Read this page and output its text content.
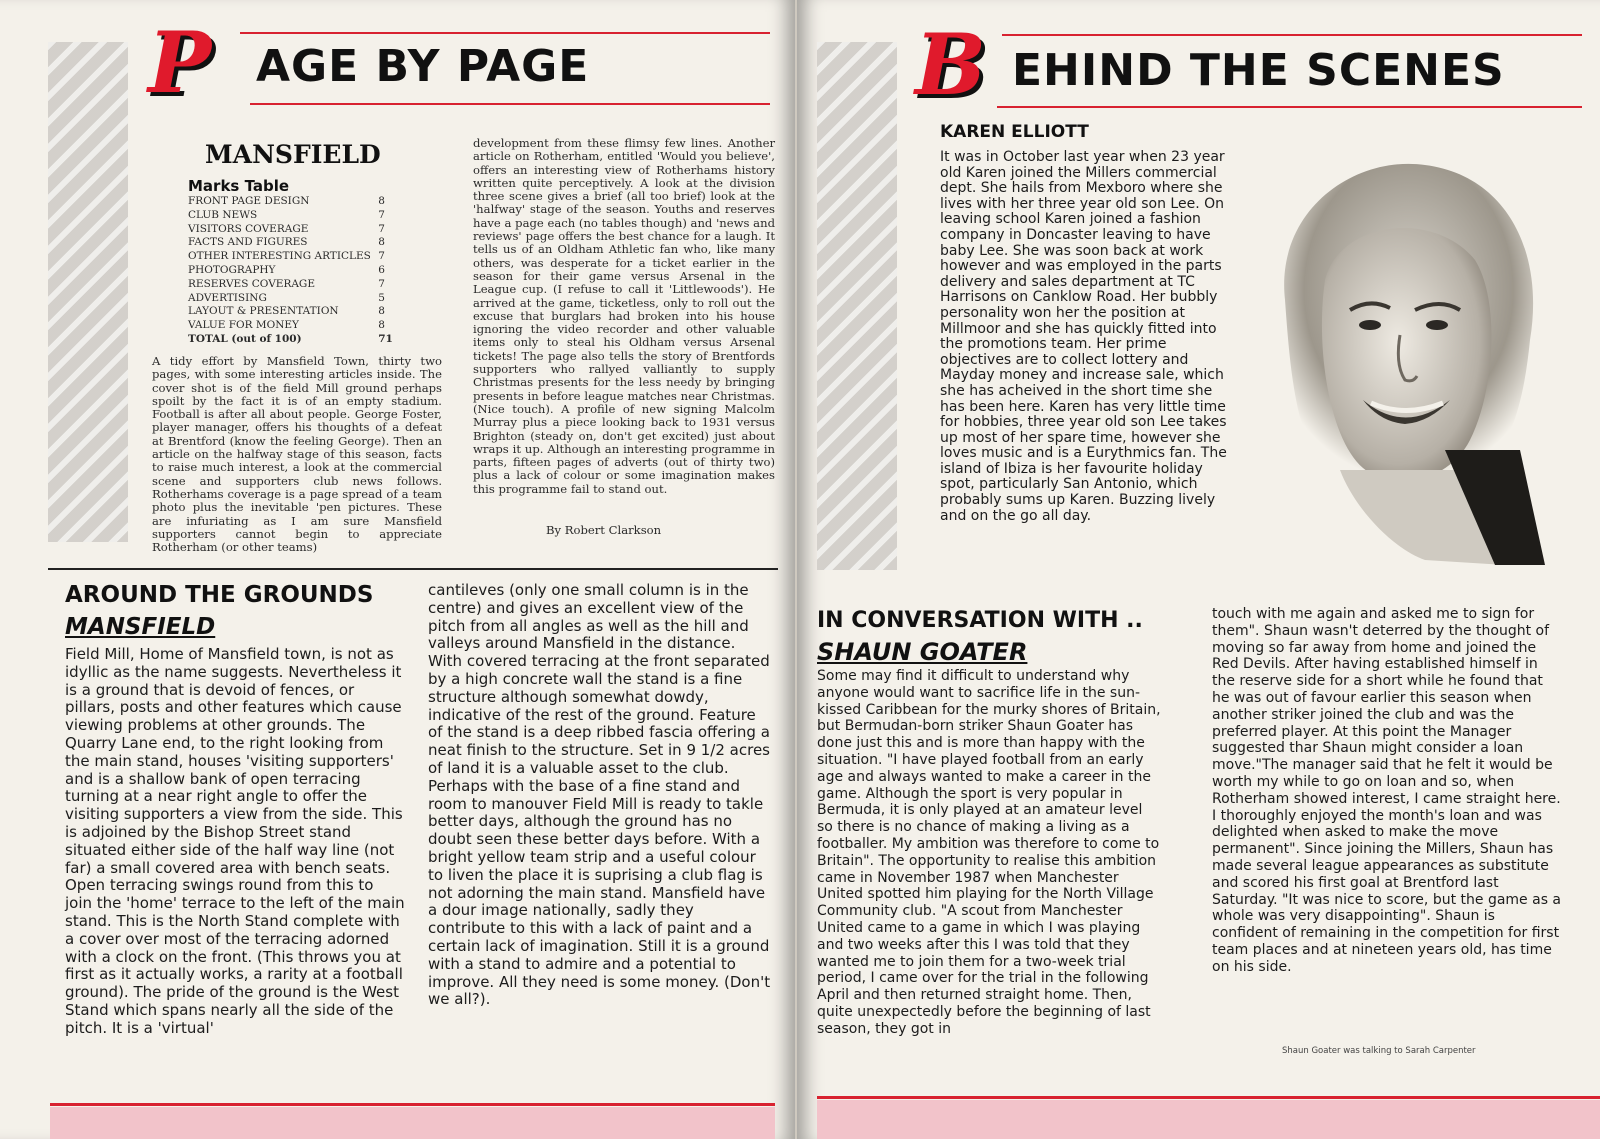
P AGE BY PAGE
MANSFIELD
Marks Table
FRONT PAGE DESIGN	8
CLUB NEWS	7
VISITORS COVERAGE	7
FACTS AND FIGURES	8
OTHER INTERESTING ARTICLES	7
PHOTOGRAPHY	6
RESERVES COVERAGE	7
ADVERTISING	5
LAYOUT & PRESENTATION	8
VALUE FOR MONEY	8
TOTAL (out of 100)	71

A tidy effort by Mansfield Town, thirty two pages, with some interesting articles inside. The cover shot is of the field Mill ground perhaps spoilt by the fact it is of an empty stadium. Football is after all about people. George Foster, player manager, offers his thoughts of a defeat at Brentford (know the feeling George). Then an article on the halfway stage of this season, facts to raise much interest, a look at the commercial scene and supporters club news follows. Rotherhams coverage is a page spread of a team photo plus the inevitable 'pen pictures. These are infuriating as I am sure Mansfield supporters cannot begin to appreciate Rotherham (or other teams)

development from these flimsy few lines. Another article on Rotherham, entitled 'Would you believe', offers an interesting view of Rotherhams history written quite perceptively. A look at the division three scene gives a brief (all too brief) look at the 'halfway' stage of the season. Youths and reserves have a page each (no tables though) and 'news and reviews' page offers the best chance for a laugh. It tells us of an Oldham Athletic fan who, like many others, was desperate for a ticket earlier in the season for their game versus Arsenal in the League cup. (I refuse to call it 'Littlewoods'). He arrived at the game, ticketless, only to roll out the excuse that burglars had broken into his house ignoring the video recorder and other valuable items only to steal his Oldham versus Arsenal tickets! The page also tells the story of Brentfords supporters who rallyed valliantly to supply Christmas presents for the less needy by bringing presents in before league matches near Christmas. (Nice touch). A profile of new signing Malcolm Murray plus a piece looking back to 1931 versus Brighton (steady on, don't get excited) just about wraps it up. Although an interesting programme in parts, fifteen pages of adverts (out of thirty two) plus a lack of colour or some imagination makes this programme fail to stand out.

By Robert Clarkson
AROUND THE GROUNDS
MANSFIELD

Field Mill, Home of Mansfield town, is not as idyllic as the name suggests. Nevertheless it is a ground that is devoid of fences, or pillars, posts and other features which cause viewing problems at other grounds. The Quarry Lane end, to the right looking from the main stand, houses 'visiting supporters' and is a shallow bank of open terracing turning at a near right angle to offer the visiting supporters a view from the side. This is adjoined by the Bishop Street stand situated either side of the half way line (not far) a small covered area with bench seats. Open terracing swings round from this to join the 'home' terrace to the left of the main stand. This is the North Stand complete with a cover over most of the terracing adorned with a clock on the front. (This throws you at first as it actually works, a rarity at a football ground). The pride of the ground is the West Stand which spans nearly all the side of the pitch. It is a 'virtual'

cantileves (only one small column is in the centre) and gives an excellent view of the pitch from all angles as well as the hill and valleys around Mansfield in the distance. With covered terracing at the front separated by a high concrete wall the stand is a fine structure although somewhat dowdy, indicative of the rest of the ground. Feature of the stand is a deep ribbed fascia offering a neat finish to the structure. Set in 9 1/2 acres of land it is a valuable asset to the club. Perhaps with the base of a fine stand and room to manouver Field Mill is ready to takle better days, although the ground has no doubt seen these better days before. With a bright yellow team strip and a useful colour to liven the place it is suprising a club flag is not adorning the main stand. Mansfield have a dour image nationally, sadly they contribute to this with a lack of paint and a certain lack of imagination. Still it is a ground with a stand to admire and a potential to improve. All they need is some money. (Don't we all?).

B EHIND THE SCENES
KAREN ELLIOTT

It was in October last year when 23 year old Karen joined the Millers commercial dept. She hails from Mexboro where she lives with her three year old son Lee. On leaving school Karen joined a fashion company in Doncaster leaving to have baby Lee. She was soon back at work however and was employed in the parts delivery and sales department at TC Harrisons on Canklow Road. Her bubbly personality won her the position at Millmoor and she has quickly fitted into the promotions team. Her prime objectives are to collect lottery and Mayday money and increase sale, which she has acheived in the short time she has been here. Karen has very little time for hobbies, three year old son Lee takes up most of her spare time, however she loves music and is a Eurythmics fan. The island of Ibiza is her favourite holiday spot, particularly San Antonio, which probably sums up Karen. Buzzing lively and on the go all day.

IN CONVERSATION WITH ..
SHAUN GOATER

Some may find it difficult to understand why anyone would want to sacrifice life in the sun-kissed Caribbean for the murky shores of Britain, but Bermudan-born striker Shaun Goater has done just this and is more than happy with the situation. "I have played football from an early age and always wanted to make a career in the game. Although the sport is very popular in Bermuda, it is only played at an amateur level so there is no chance of making a living as a footballer. My ambition was therefore to come to Britain". The opportunity to realise this ambition came in November 1987 when Manchester United spotted him playing for the North Village Community club. "A scout from Manchester United came to a game in which I was playing and two weeks after this I was told that they wanted me to join them for a two-week trial period, I came over for the trial in the following April and then returned straight home. Then, quite unexpectedly before the beginning of last season, they got in

touch with me again and asked me to sign for them". Shaun wasn't deterred by the thought of moving so far away from home and joined the Red Devils. After having established himself in the reserve side for a short while he found that he was out of favour earlier this season when another striker joined the club and was the preferred player. At this point the Manager suggested thar Shaun might consider a loan move."The manager said that he felt it would be worth my while to go on loan and so, when Rotherham showed interest, I came straight here. I thoroughly enjoyed the month's loan and was delighted when asked to make the move permanent". Since joining the Millers, Shaun has made several league appearances as substitute and scored his first goal at Brentford last Saturday. "It was nice to score, but the game as a whole was very disappointing". Shaun is confident of remaining in the competition for first team places and at nineteen years old, has time on his side.

Shaun Goater was talking to Sarah Carpenter
